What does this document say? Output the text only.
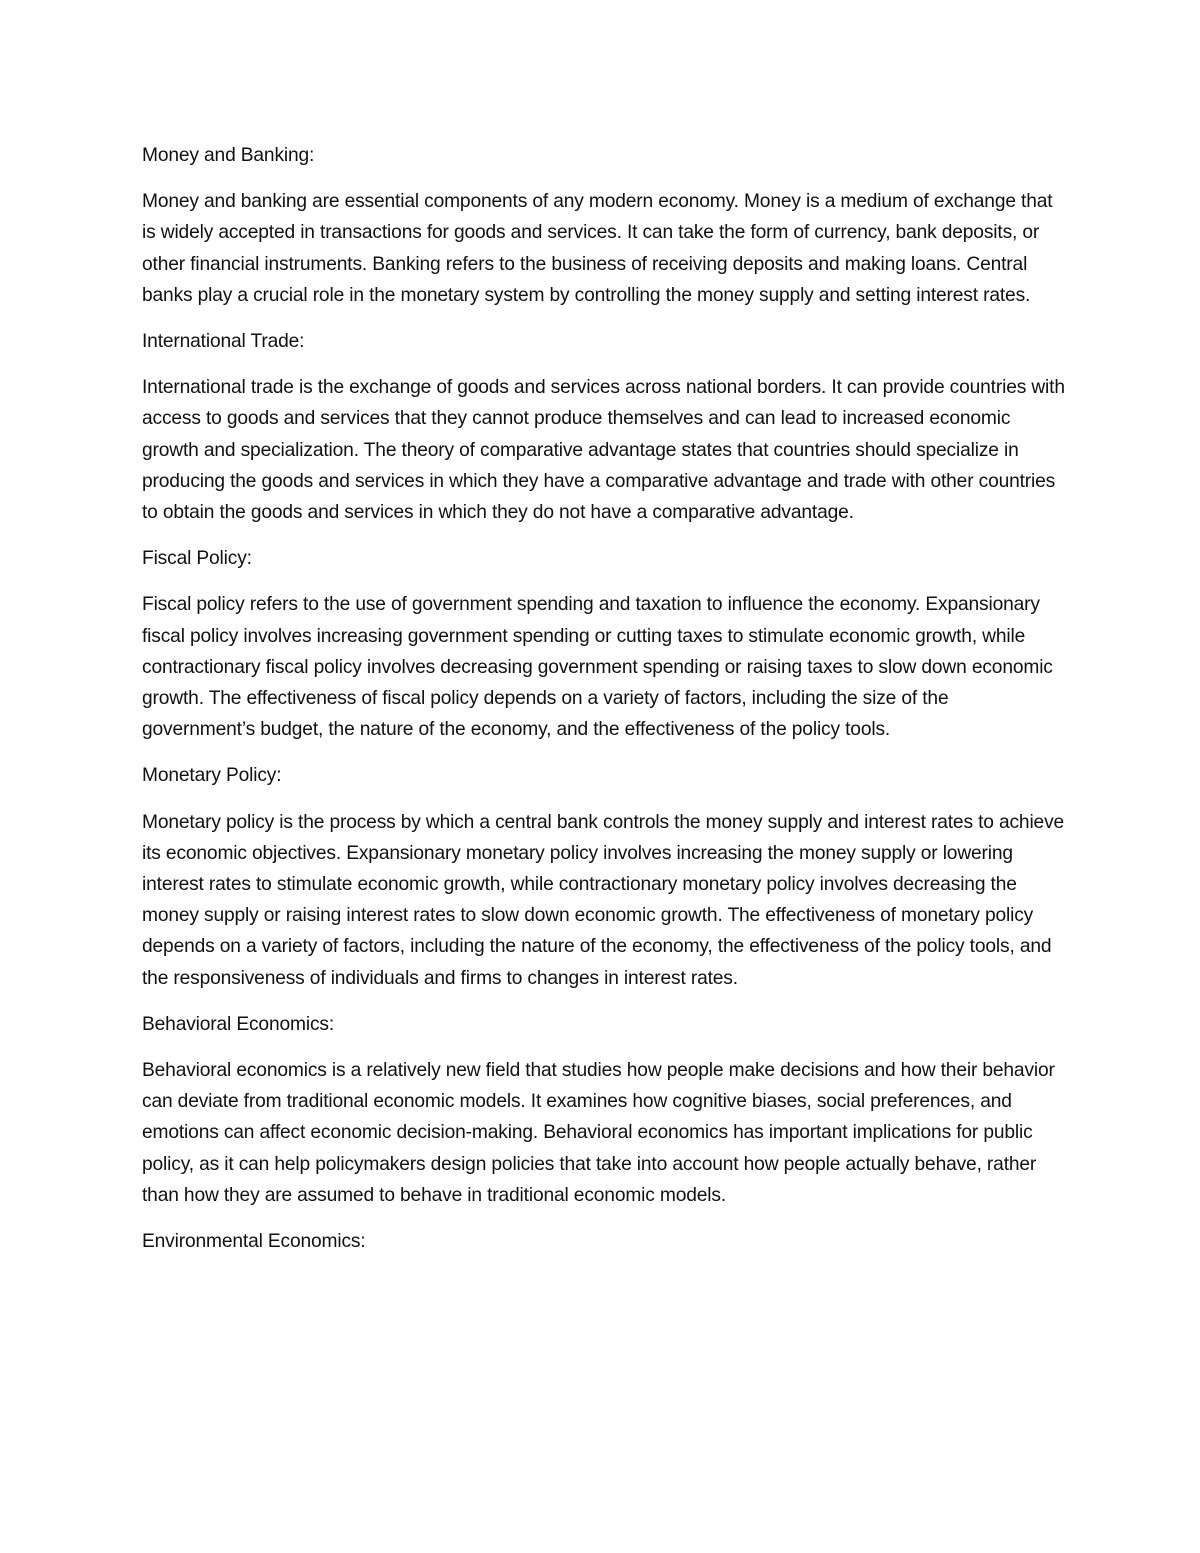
Money and Banking:
Money and banking are essential components of any modern economy. Money is a medium of exchange that is widely accepted in transactions for goods and services. It can take the form of currency, bank deposits, or other financial instruments. Banking refers to the business of receiving deposits and making loans. Central banks play a crucial role in the monetary system by controlling the money supply and setting interest rates.
International Trade:
International trade is the exchange of goods and services across national borders. It can provide countries with access to goods and services that they cannot produce themselves and can lead to increased economic growth and specialization. The theory of comparative advantage states that countries should specialize in producing the goods and services in which they have a comparative advantage and trade with other countries to obtain the goods and services in which they do not have a comparative advantage.
Fiscal Policy:
Fiscal policy refers to the use of government spending and taxation to influence the economy. Expansionary fiscal policy involves increasing government spending or cutting taxes to stimulate economic growth, while contractionary fiscal policy involves decreasing government spending or raising taxes to slow down economic growth. The effectiveness of fiscal policy depends on a variety of factors, including the size of the government’s budget, the nature of the economy, and the effectiveness of the policy tools.
Monetary Policy:
Monetary policy is the process by which a central bank controls the money supply and interest rates to achieve its economic objectives. Expansionary monetary policy involves increasing the money supply or lowering interest rates to stimulate economic growth, while contractionary monetary policy involves decreasing the money supply or raising interest rates to slow down economic growth. The effectiveness of monetary policy depends on a variety of factors, including the nature of the economy, the effectiveness of the policy tools, and the responsiveness of individuals and firms to changes in interest rates.
Behavioral Economics:
Behavioral economics is a relatively new field that studies how people make decisions and how their behavior can deviate from traditional economic models. It examines how cognitive biases, social preferences, and emotions can affect economic decision-making. Behavioral economics has important implications for public policy, as it can help policymakers design policies that take into account how people actually behave, rather than how they are assumed to behave in traditional economic models.
Environmental Economics:
